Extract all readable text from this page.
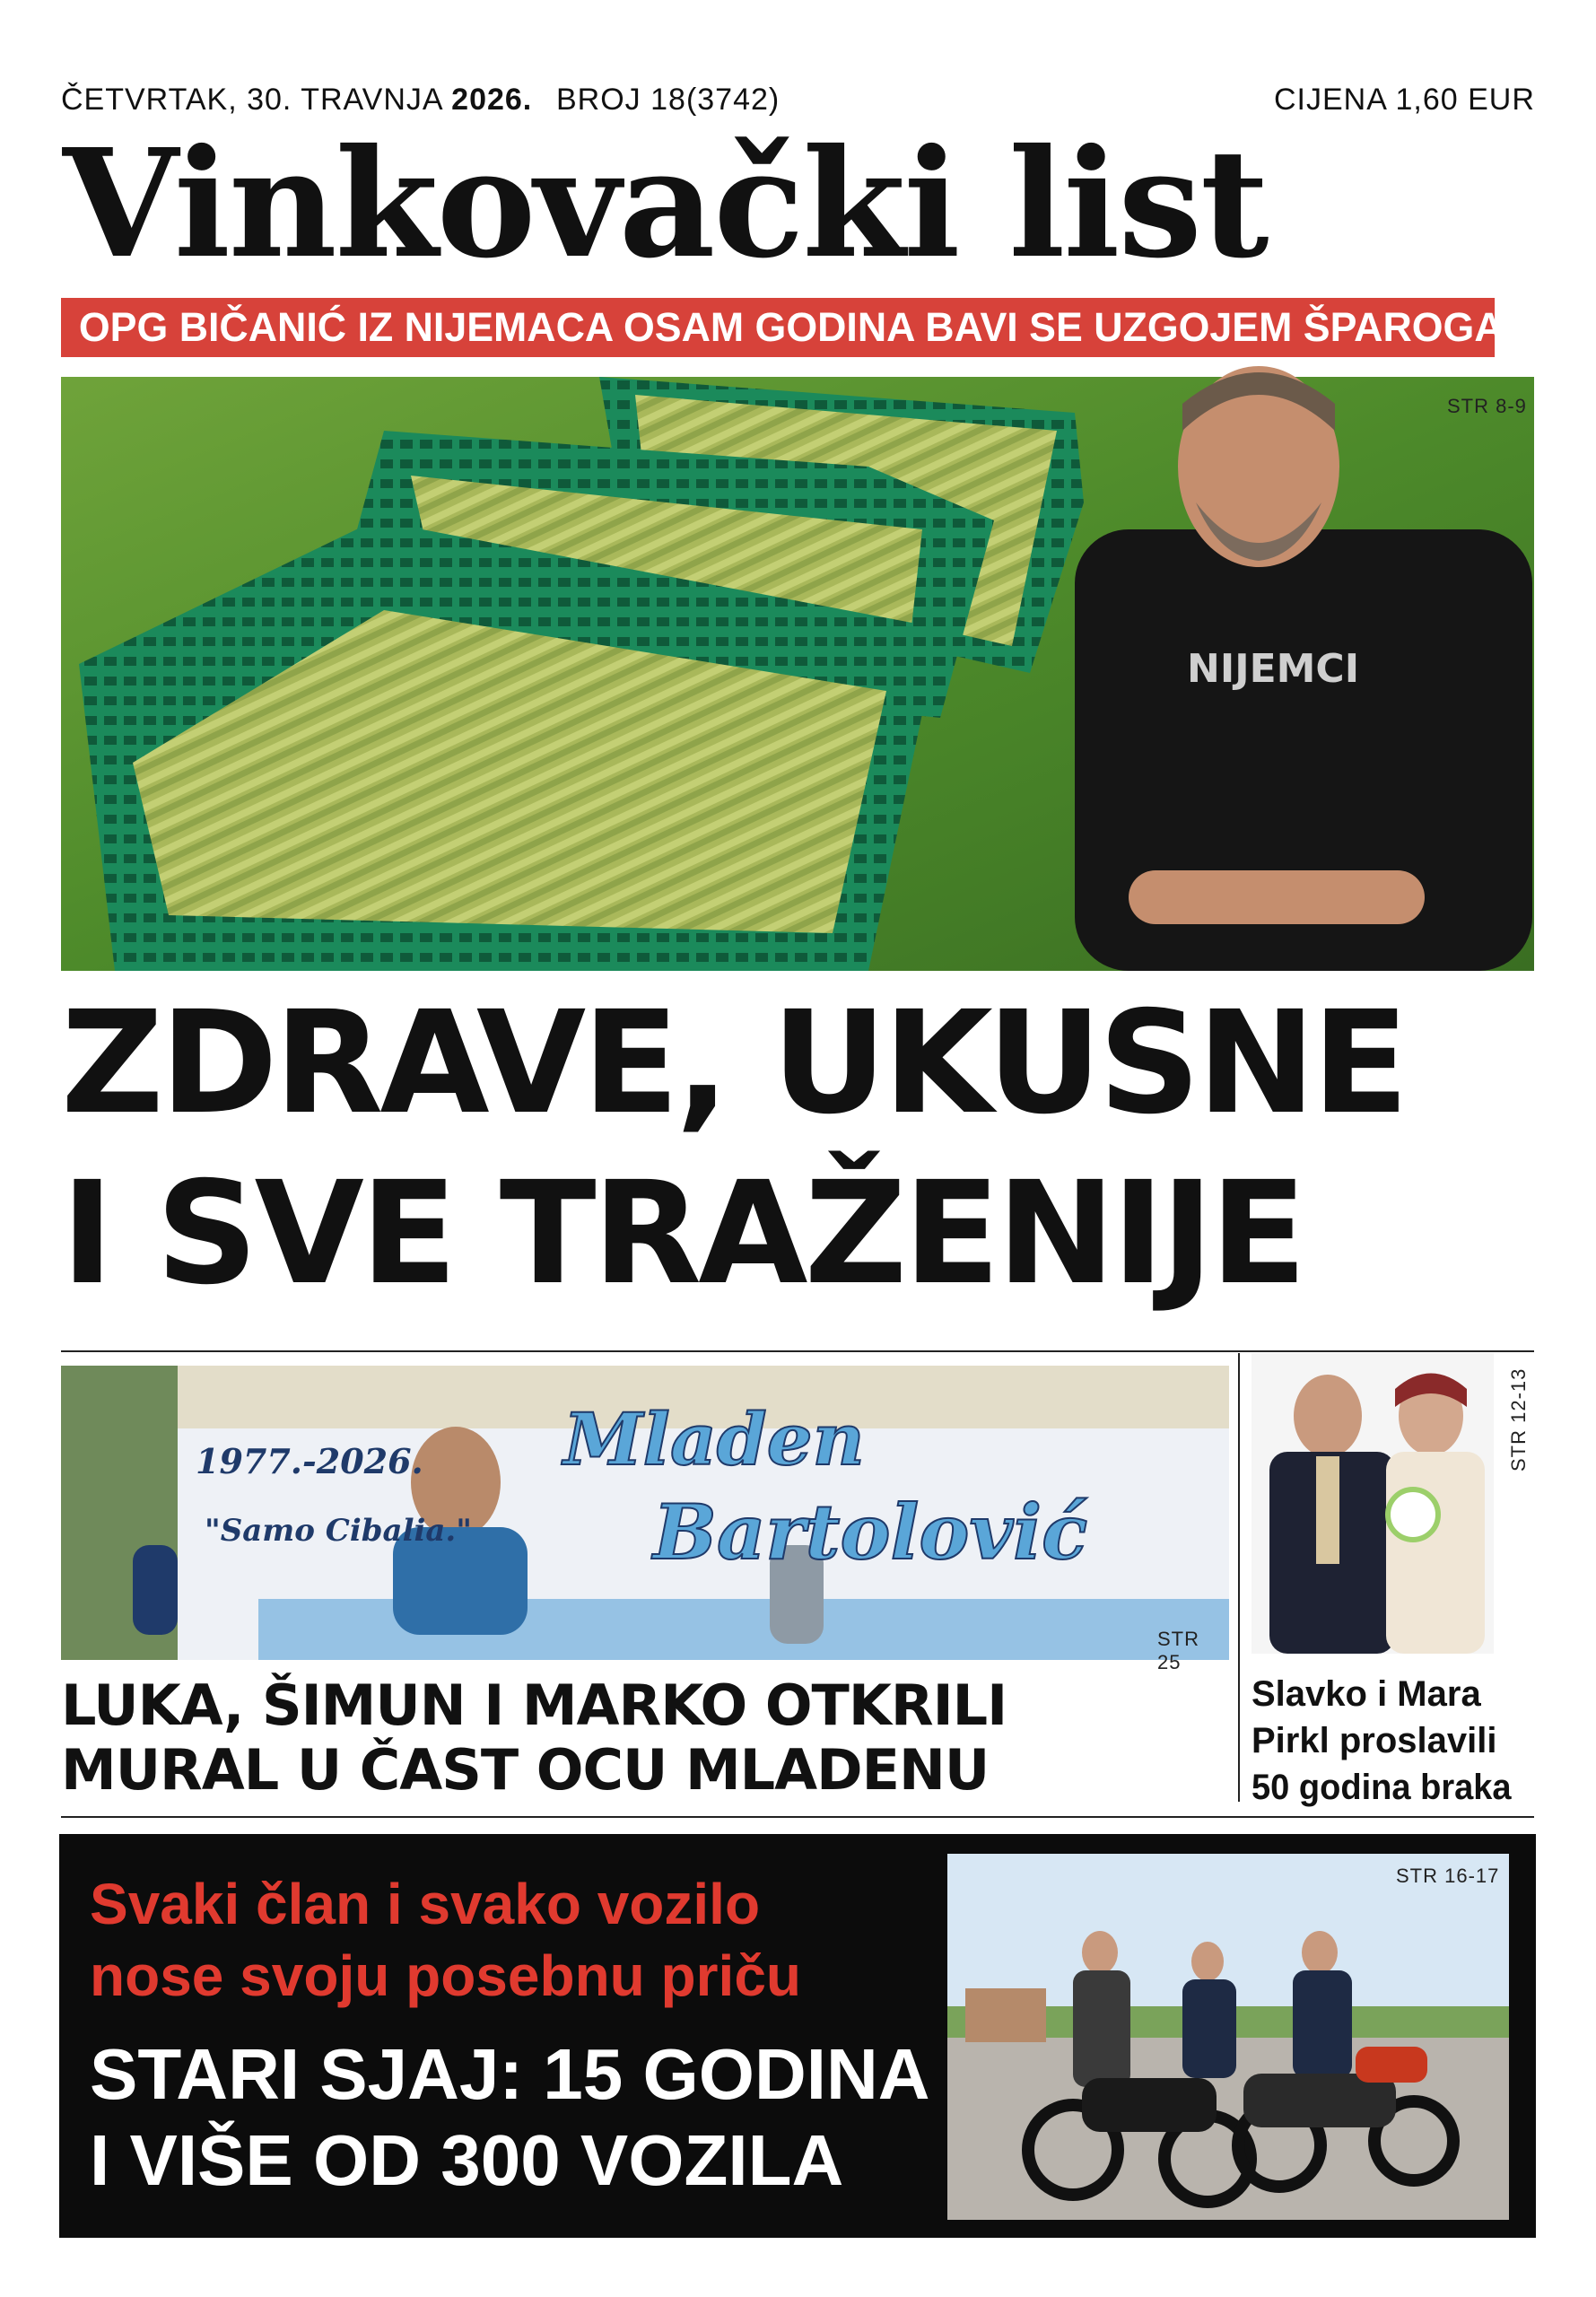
ČETVRTAK, 30. TRAVNJA 2026. BROJ 18(3742)	CIJENA 1,60 EUR
Vinkovački list
OPG BIČANIĆ IZ NIJEMACA OSAM GODINA BAVI SE UZGOJEM ŠPAROGA
NIJEMCI
STR 8-9
ZDRAVE, UKUSNE
I SVE TRAŽENIJE
1977.-2026.
"Samo Cibalia."
Mladen
Bartolović
STR 25
LUKA, ŠIMUN I MARKO OTKRILI
MURAL U ČAST OCU MLADENU
STR 12-13
Slavko i Mara
Pirkl proslavili
50 godina braka
Svaki član i svako vozilo
nose svoju posebnu priču
STARI SJAJ: 15 GODINA
I VIŠE OD 300 VOZILA
STR 16-17
